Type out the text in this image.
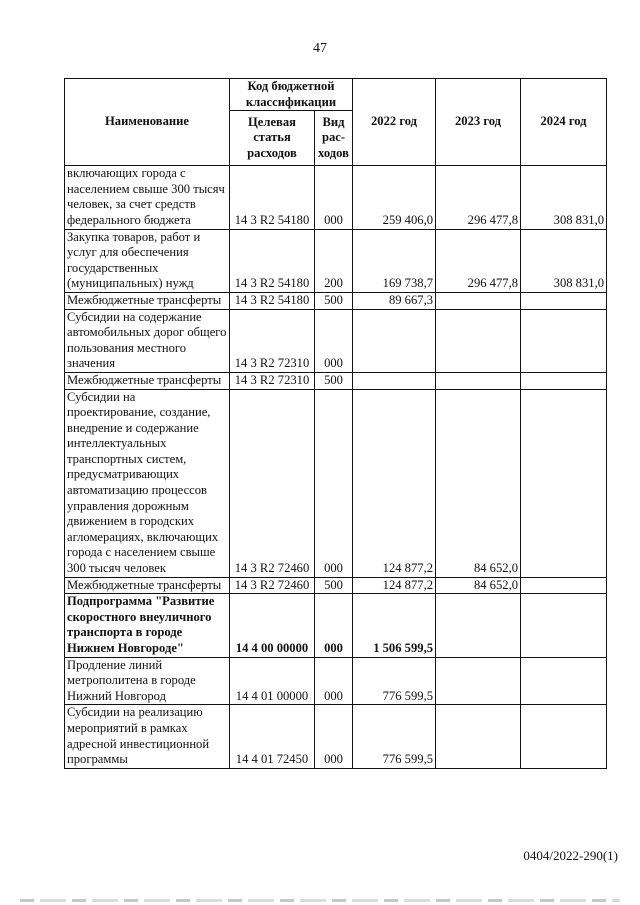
47
Наименование	Код бюджетной классификации		2022 год	2023 год	2024 год
	Целевая статья расходов	Вид рас- ходов			
включающих города с населением свыше 300 тысяч человек, за счет средств федерального бюджета	14 3 R2 54180	000	259 406,0	296 477,8	308 831,0
Закупка товаров, работ и услуг для обеспечения государственных (муниципальных) нужд	14 3 R2 54180	200	169 738,7	296 477,8	308 831,0
Межбюджетные трансферты	14 3 R2 54180	500	89 667,3		
Субсидии на содержание автомобильных дорог общего пользования местного значения	14 3 R2 72310	000			
Межбюджетные трансферты	14 3 R2 72310	500			
Субсидии на проектирование, создание, внедрение и содержание интеллектуальных транспортных систем, предусматривающих автоматизацию процессов управления дорожным движением в городских агломерациях, включающих города с населением свыше 300 тысяч человек	14 3 R2 72460	000	124 877,2	84 652,0	
Межбюджетные трансферты	14 3 R2 72460	500	124 877,2	84 652,0	
Подпрограмма "Развитие скоростного внеуличного транспорта в городе Нижнем Новгороде"	14 4 00 00000	000	1 506 599,5		
Продление линий метрополитена в городе Нижний Новгород	14 4 01 00000	000	776 599,5		
Субсидии на реализацию мероприятий в рамках адресной инвестиционной программы	14 4 01 72450	000	776 599,5		
0404/2022-290(1)
